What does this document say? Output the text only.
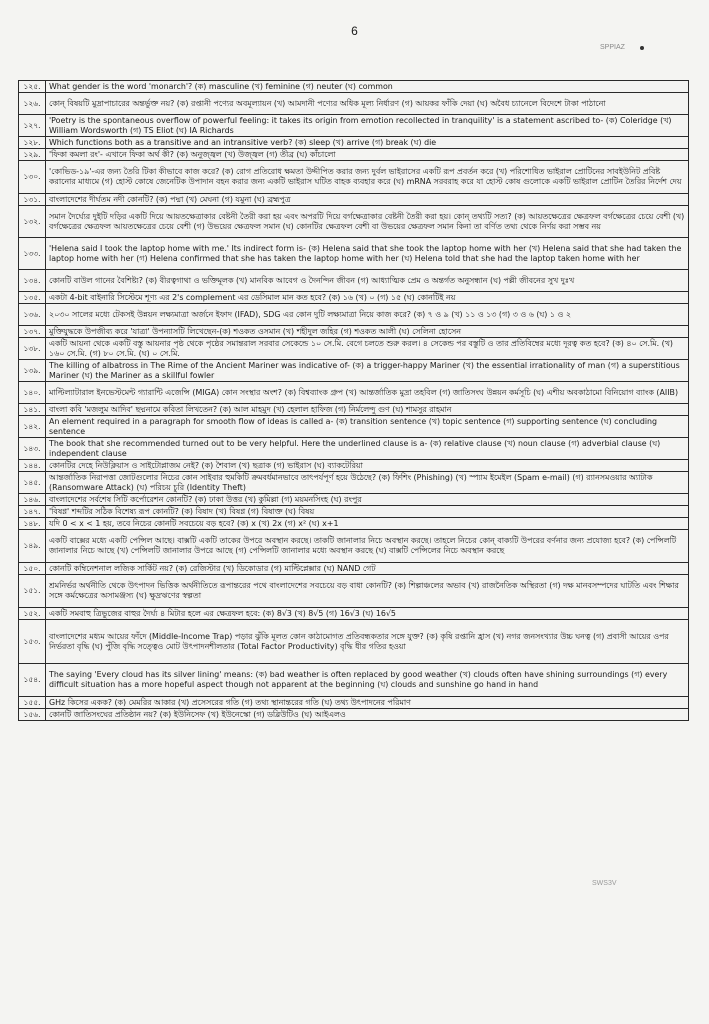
6
SPPIAZ
১২৫.	What gender is the word 'monarch'? (ক) masculine (খ) feminine (গ) neuter (ঘ) common
১২৬.	কোন্ বিষয়টি মুদ্রাপাচারের অন্তর্ভুক্ত নয়? (ক) রপ্তানী পণ্যের অবমূল্যায়ন (খ) আমদানী পণ্যের অধিক মূল্য নির্ধারণ (গ) আয়কর ফাঁকি দেয়া (ঘ) অবৈধ চ্যানেলে বিদেশে টাকা পাঠানো
১২৭.	'Poetry is the spontaneous overflow of powerful feeling: it takes its origin from emotion recollected in tranquility' is a statement ascribed to- (ক) Coleridge (খ) William Wordsworth (গ) TS Eliot (ঘ) IA Richards
১২৮.	Which functions both as a transitive and an intransitive verb? (ক) sleep (খ) arrive (গ) break (ঘ) die
১২৯.	'ফিকা কমলা রং'- এখানে ফিকা অর্থ কী? (ক) অনুজ্জ্বল (খ) উজ্জ্বল (গ) তীব্র (ঘ) কাঁচালো
১৩০.	'কোভিড-১৯'-এর জন্য তৈরি টিকা কীভাবে কাজ করে? (ক) রোগ প্রতিরোধ ক্ষমতা উদ্দীপিত করার জন্য দুর্বল ভাইরাসের একটি রূপ প্রবর্তন করে (খ) পরিশোধিত ভাইরাল প্রোটিনের সাবইউনিট প্রবিষ্ট করানোর মাধ্যমে (গ) হোস্ট কোষে জেনেটিক উপাদান বহন করার জন্য একটি ভাইরাস ঘটিত বাহক ব্যবহার করে (ঘ) mRNA সরবরাহ করে যা হোস্ট কোষ গুলোকে একটি ভাইরাল প্রোটিন তৈরির নির্দেশ দেয়
১৩১.	বাংলাদেশের দীর্ঘতম নদী কোনটি? (ক) পদ্মা (খ) মেঘনা (গ) যমুনা (ঘ) ব্রহ্মপুত্র
১৩২.	সমান দৈর্ঘ্যের দুইটি দড়ির একটি দিয়ে আয়তক্ষেত্রাকার বেষ্টনী তৈরী করা হয় এবং অপরটি দিয়ে বর্গক্ষেত্রাকার বেষ্টনী তৈরী করা হয়। কোন্ তথ্যটি সত্য? (ক) আয়তক্ষেত্রের ক্ষেত্রফল বর্গক্ষেত্রের চেয়ে বেশী (খ) বর্গক্ষেত্রের ক্ষেত্রফল আয়তক্ষেত্রের চেয়ে বেশী (গ) উভয়ের ক্ষেত্রফল সমান (ঘ) কোনটির ক্ষেত্রফল বেশী বা উভয়ের ক্ষেত্রফল সমান কিনা তা বর্ণিত তথ্য থেকে নির্ণয় করা সম্ভব নয়
১৩৩.	'Helena said I took the laptop home with me.' Its indirect form is- (ক) Helena said that she took the laptop home with her (খ) Helena said that she had taken the laptop home with her (গ) Helena confirmed that she has taken the laptop home with her (ঘ) Helena told that she had the laptop taken home with her
১৩৪.	কোনটি বাউল গানের বৈশিষ্ট্য? (ক) বীরত্বগাথা ও ভক্তিমূলক (খ) মানবিক আবেগ ও দৈনন্দিন জীবন (গ) আধ্যাত্মিক প্রেম ও অন্তর্গত অনুসন্ধান (ঘ) পল্লী জীবনের সুখ দুঃখ
১৩৫.	একটা 4-bit বাইনারি সিস্টেমে শূণ্য এর 2's complement এর ডেসিমাল মান কত হবে? (ক) ১৬ (খ) ০ (গ) ১৫ (ঘ) কোনটিই নয়
১৩৬.	২০৩০ সালের মধ্যে টেকসই উন্নয়ন লক্ষ্যমাত্রা অর্জনে ইফাদ (IFAD), SDG এর কোন দুটি লক্ষ্যমাত্রা নিয়ে কাজ করে? (ক) ৭ ও ৯ (খ) ১১ ও ১৩ (গ) ৩ ও ৬ (ঘ) ১ ও ২
১৩৭.	মুক্তিযুদ্ধকে উপজীব্য করে 'যাত্রা' উপন্যাসটি লিখেছেন-(ক) শওকত ওসমান (খ) শহীদুল জহির (গ) শওকত আলী (ঘ) সেলিনা হোসেন
১৩৮.	একটি আয়না থেকে একটি বস্তু আয়নার পৃষ্ঠ থেকে পৃষ্ঠের সমান্তরাল সরবার সেকেন্ডে ১০ সে.মি. বেগে চলতে শুরু করল। ৪ সেকেন্ড পর বস্তুটি ও তার প্রতিবিম্বের মধ্যে দূরত্ব কত হবে? (ক) ৪০ সে.মি. (খ) ১৬০ সে.মি. (গ) ৮০ সে.মি. (ঘ) ০ সে.মি.
১৩৯.	The killing of albatross in The Rime of the Ancient Mariner was indicative of- (ক) a trigger-happy Mariner (খ) the essential irrationality of man (গ) a superstitious Mariner (ঘ) the Mariner as a skillful fowler
১৪০.	মাল্টিল্যাটারাল ইনভেস্টমেন্ট গ্যারান্টি এজেন্সি (MIGA) কোন সংস্থার অংশ? (ক) বিশ্বব্যাংক গ্রুপ (খ) আন্তর্জাতিক মুদ্রা তহবিল (গ) জাতিসংঘ উন্নয়ন কর্মসূচি (ঘ) এশীয় অবকাঠামো বিনিয়োগ ব্যাংক (AIIB)
১৪১.	বাংলা কবি 'মজলুম আদিব' ছদ্মনামে কবিতা লিখতেন? (ক) আল মাহমুদ (খ) হেলাল হাফিজ (গ) নির্মলেন্দু গুণ (ঘ) শামসুর রাহমান
১৪২.	An element required in a paragraph for smooth flow of ideas is called a- (ক) transition sentence (খ) topic sentence (গ) supporting sentence (ঘ) concluding sentence
১৪৩.	The book that she recommended turned out to be very helpful. Here the underlined clause is a- (ক) relative clause (খ) noun clause (গ) adverbial clause (ঘ) independent clause
১৪৪.	কোনটির দেহে নিউক্লিয়াস ও সাইটোপ্লাজম নেই? (ক) শৈবাল (খ) ছত্রাক (গ) ভাইরাস (ঘ) ব্যাকটেরিয়া
১৪৫.	আন্তর্জাতিক নিরাপত্তা জোটগুলোর নিচের কোন সাইবার হুমকিটি ক্রমবর্ধমানভাবে তাৎপর্যপূর্ণ হয়ে উঠেছে? (ক) ফিশিং (Phishing) (খ) স্প্যাম ইমেইল (Spam e-mail) (গ) র‍্যানসমওয়ার অ্যাটাক (Ransomware Attack) (ঘ) পরিচয় চুরি (Identity Theft)
১৪৬.	বাংলাদেশের সর্বশেষ সিটি কর্পোরেশন কোনটি? (ক) ঢাকা উত্তর (খ) কুমিল্লা (গ) ময়মনসিংহ (ঘ) রংপুর
১৪৭.	'বিষণ্ণ' শব্দটির সঠিক বিশেষ্য রূপ কোনটি? (ক) বিষাদ (খ) বিষণ্ণ (গ) বিষাক্ত (ঘ) বিষয়
১৪৮.	যদি 0 < x < 1 হয়, তবে নিচের কোনটি সবচেয়ে বড় হবে? (ক) x (খ) 2x (গ) x² (ঘ) x+1
১৪৯.	একটি বাক্সের মধ্যে একটি পেন্সিল আছে। বাক্সটি একটি তাকের উপরে অবস্থান করছে। তাকটি জানালার নিচে অবস্থান করছে। তাহলে নিচের কোন্ বাক্যটি উপরের বর্ণনার জন্য প্রযোজ্য হবে? (ক) পেন্সিলটি জানালার নিচে আছে (খ) পেন্সিলটি জানালার উপরে আছে (গ) পেন্সিলটি জানালার মধ্যে অবস্থান করছে (ঘ) বাক্সটি পেন্সিলের নিচে অবস্থান করছে
১৫০.	কোনটি কম্বিনেশনাল লজিক সার্কিট নয়? (ক) রেজিস্টার (খ) ডিকোডার (গ) মাল্টিপ্লেক্সার (ঘ) NAND গেট
১৫১.	শ্রমনির্ভর অর্থনীতি থেকে উৎপাদন ভিত্তিক অর্থনীতিতে রূপান্তরের পথে বাংলাদেশের সবচেয়ে বড় বাধা কোনটি? (ক) শিল্পাঞ্চলের অভাব (খ) রাজনৈতিক অস্থিরতা (গ) দক্ষ মানবসম্পদের ঘাটতি এবং শিক্ষার সঙ্গে কর্মক্ষেত্রের অসামঞ্জস্য (ঘ) ক্ষুদ্রঋণের স্বল্পতা
১৫২.	একটি সমবাহু ত্রিভুজের বাহুর দৈর্ঘ্য ৪ মিটার হলে এর ক্ষেত্রফল হবে: (ক) 8√3 (খ) 8√5 (গ) 16√3 (ঘ) 16√5
১৫৩.	বাংলাদেশের মধ্যম আয়ের ফাঁদে (Middle-Income Trap) পড়ার ঝুঁকি মূলত কোন কাঠামোগত প্রতিবন্ধকতার সঙ্গে যুক্ত? (ক) কৃষি রপ্তানি হ্রাস (খ) নগর জনসংখ্যার উচ্চ ঘনত্ব (গ) প্রবাসী আয়ের ওপর নির্ভরতা বৃদ্ধি (ঘ) পুঁজি বৃদ্ধি সত্ত্বেও মোট উৎপাদনশীলতার (Total Factor Productivity) বৃদ্ধি ধীর গতির হওয়া
১৫৪.	The saying 'Every cloud has its silver lining' means: (ক) bad weather is often replaced by good weather (খ) clouds often have shining surroundings (গ) every difficult situation has a more hopeful aspect though not apparent at the beginning (ঘ) clouds and sunshine go hand in hand
১৫৫.	GHz কিসের একক? (ক) মেমরির আকার (খ) প্রসেসরের গতি (গ) তথ্য স্থানান্তরের গতি (ঘ) তথ্য উৎপাদনের পরিমাণ
১৫৬.	কোনটি জাতিসংঘের প্রতিষ্ঠান নয়? (ক) ইউনিসেফ (খ) ইউনেস্কো (গ) ডব্লিউটিও (ঘ) আইএলও
SWS3V
